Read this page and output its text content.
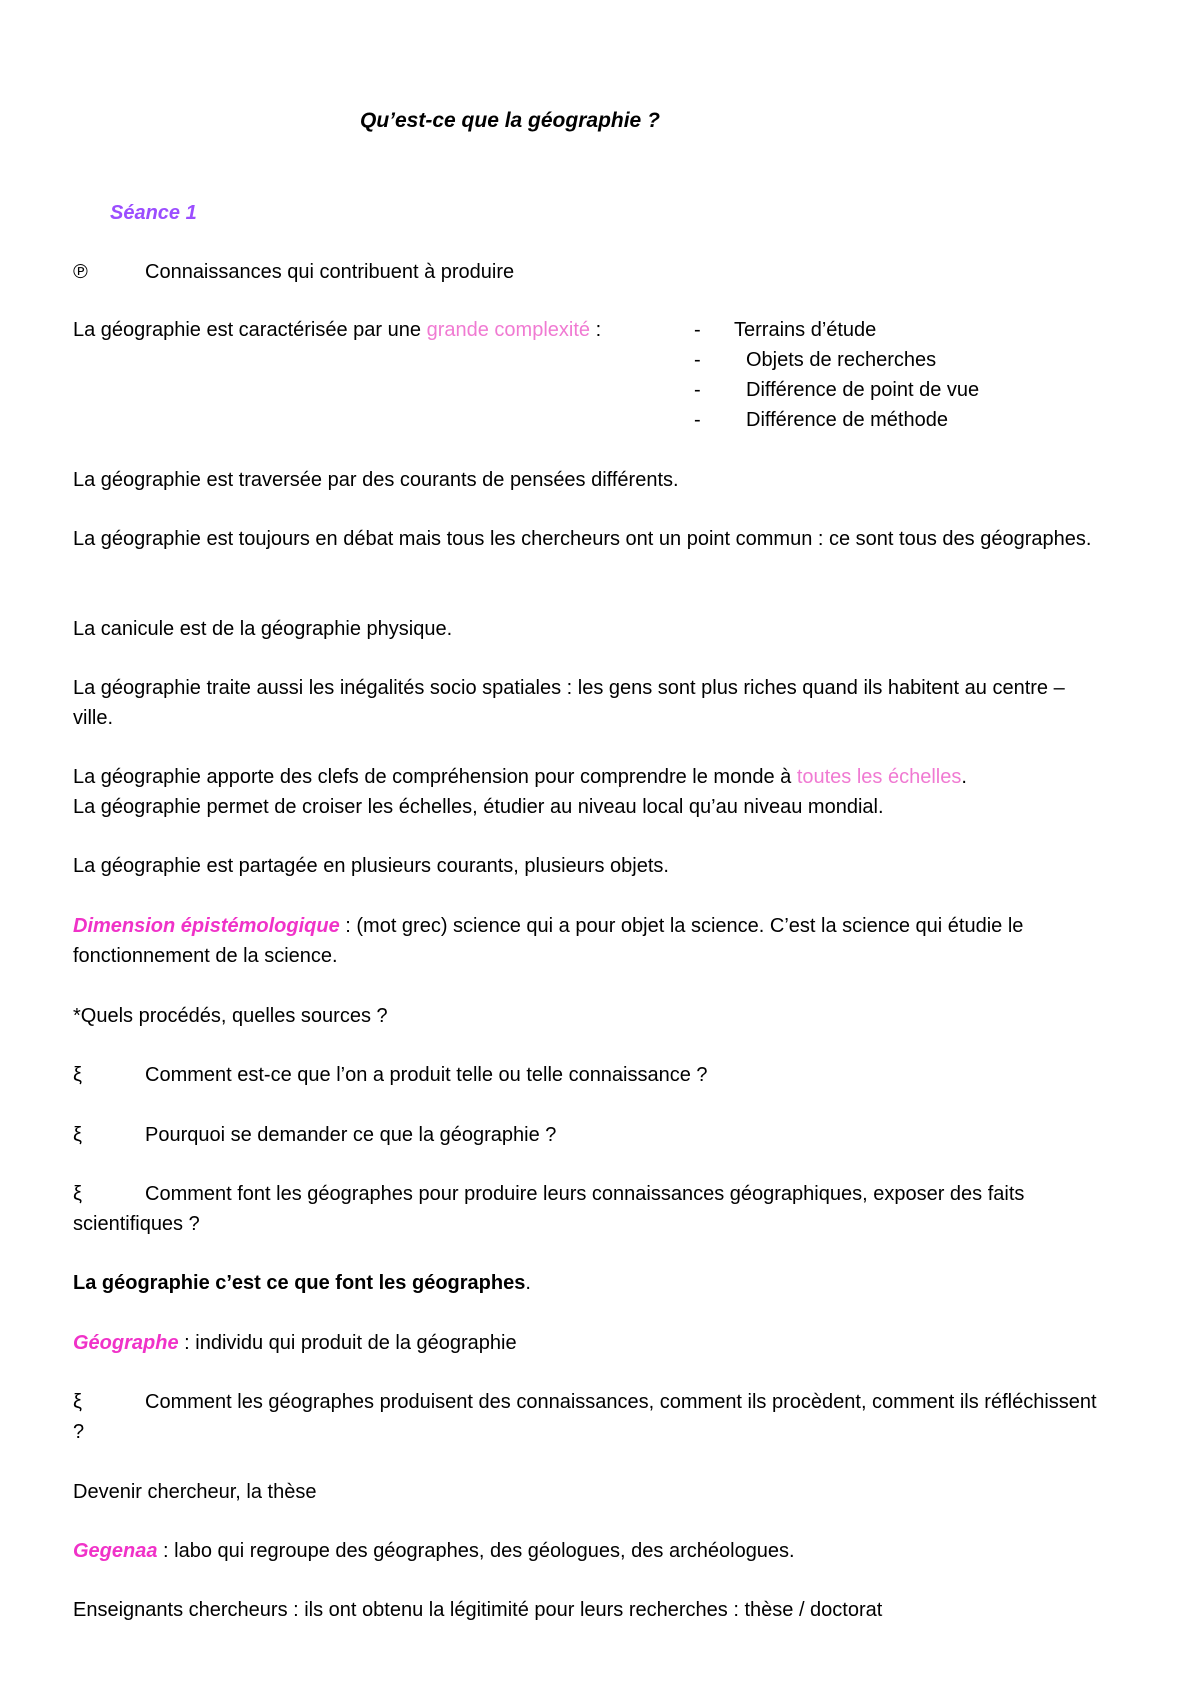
Qu’est-ce que la géographie ?
Séance 1
℗	Connaissances qui contribuent à produire
La géographie est caractérisée par une grande complexité :	-	Terrains d’étude
-	Objets de recherches
-	Différence de point de vue
-	Différence de méthode

La géographie est traversée par des courants de pensées différents.

La géographie est toujours en débat mais tous les chercheurs ont un point commun : ce sont tous des géographes.

La canicule est de la géographie physique.

La géographie traite aussi les inégalités socio spatiales : les gens sont plus riches quand ils habitent au centre – ville.

La géographie apporte des clefs de compréhension pour comprendre le monde à toutes les échelles.

La géographie permet de croiser les échelles, étudier au niveau local qu’au niveau mondial.

La géographie est partagée en plusieurs courants, plusieurs objets.

Dimension épistémologique : (mot grec) science qui a pour objet la science. C’est la science qui étudie le fonctionnement de la science.

*Quels procédés, quelles sources ?

ξ	Comment est-ce que l’on a produit telle ou telle connaissance ?
ξ	Pourquoi se demander ce que la géographie ?
ξ	Comment font les géographes pour produire leurs connaissances géographiques, exposer des faits scientifiques ?

La géographie c’est ce que font les géographes.

Géographe : individu qui produit de la géographie

ξ	Comment les géographes produisent des connaissances, comment ils procèdent, comment ils réfléchissent ?

Devenir chercheur, la thèse

Gegenaa : labo qui regroupe des géographes, des géologues, des archéologues.

Enseignants chercheurs : ils ont obtenu la légitimité pour leurs recherches : thèse / doctorat
